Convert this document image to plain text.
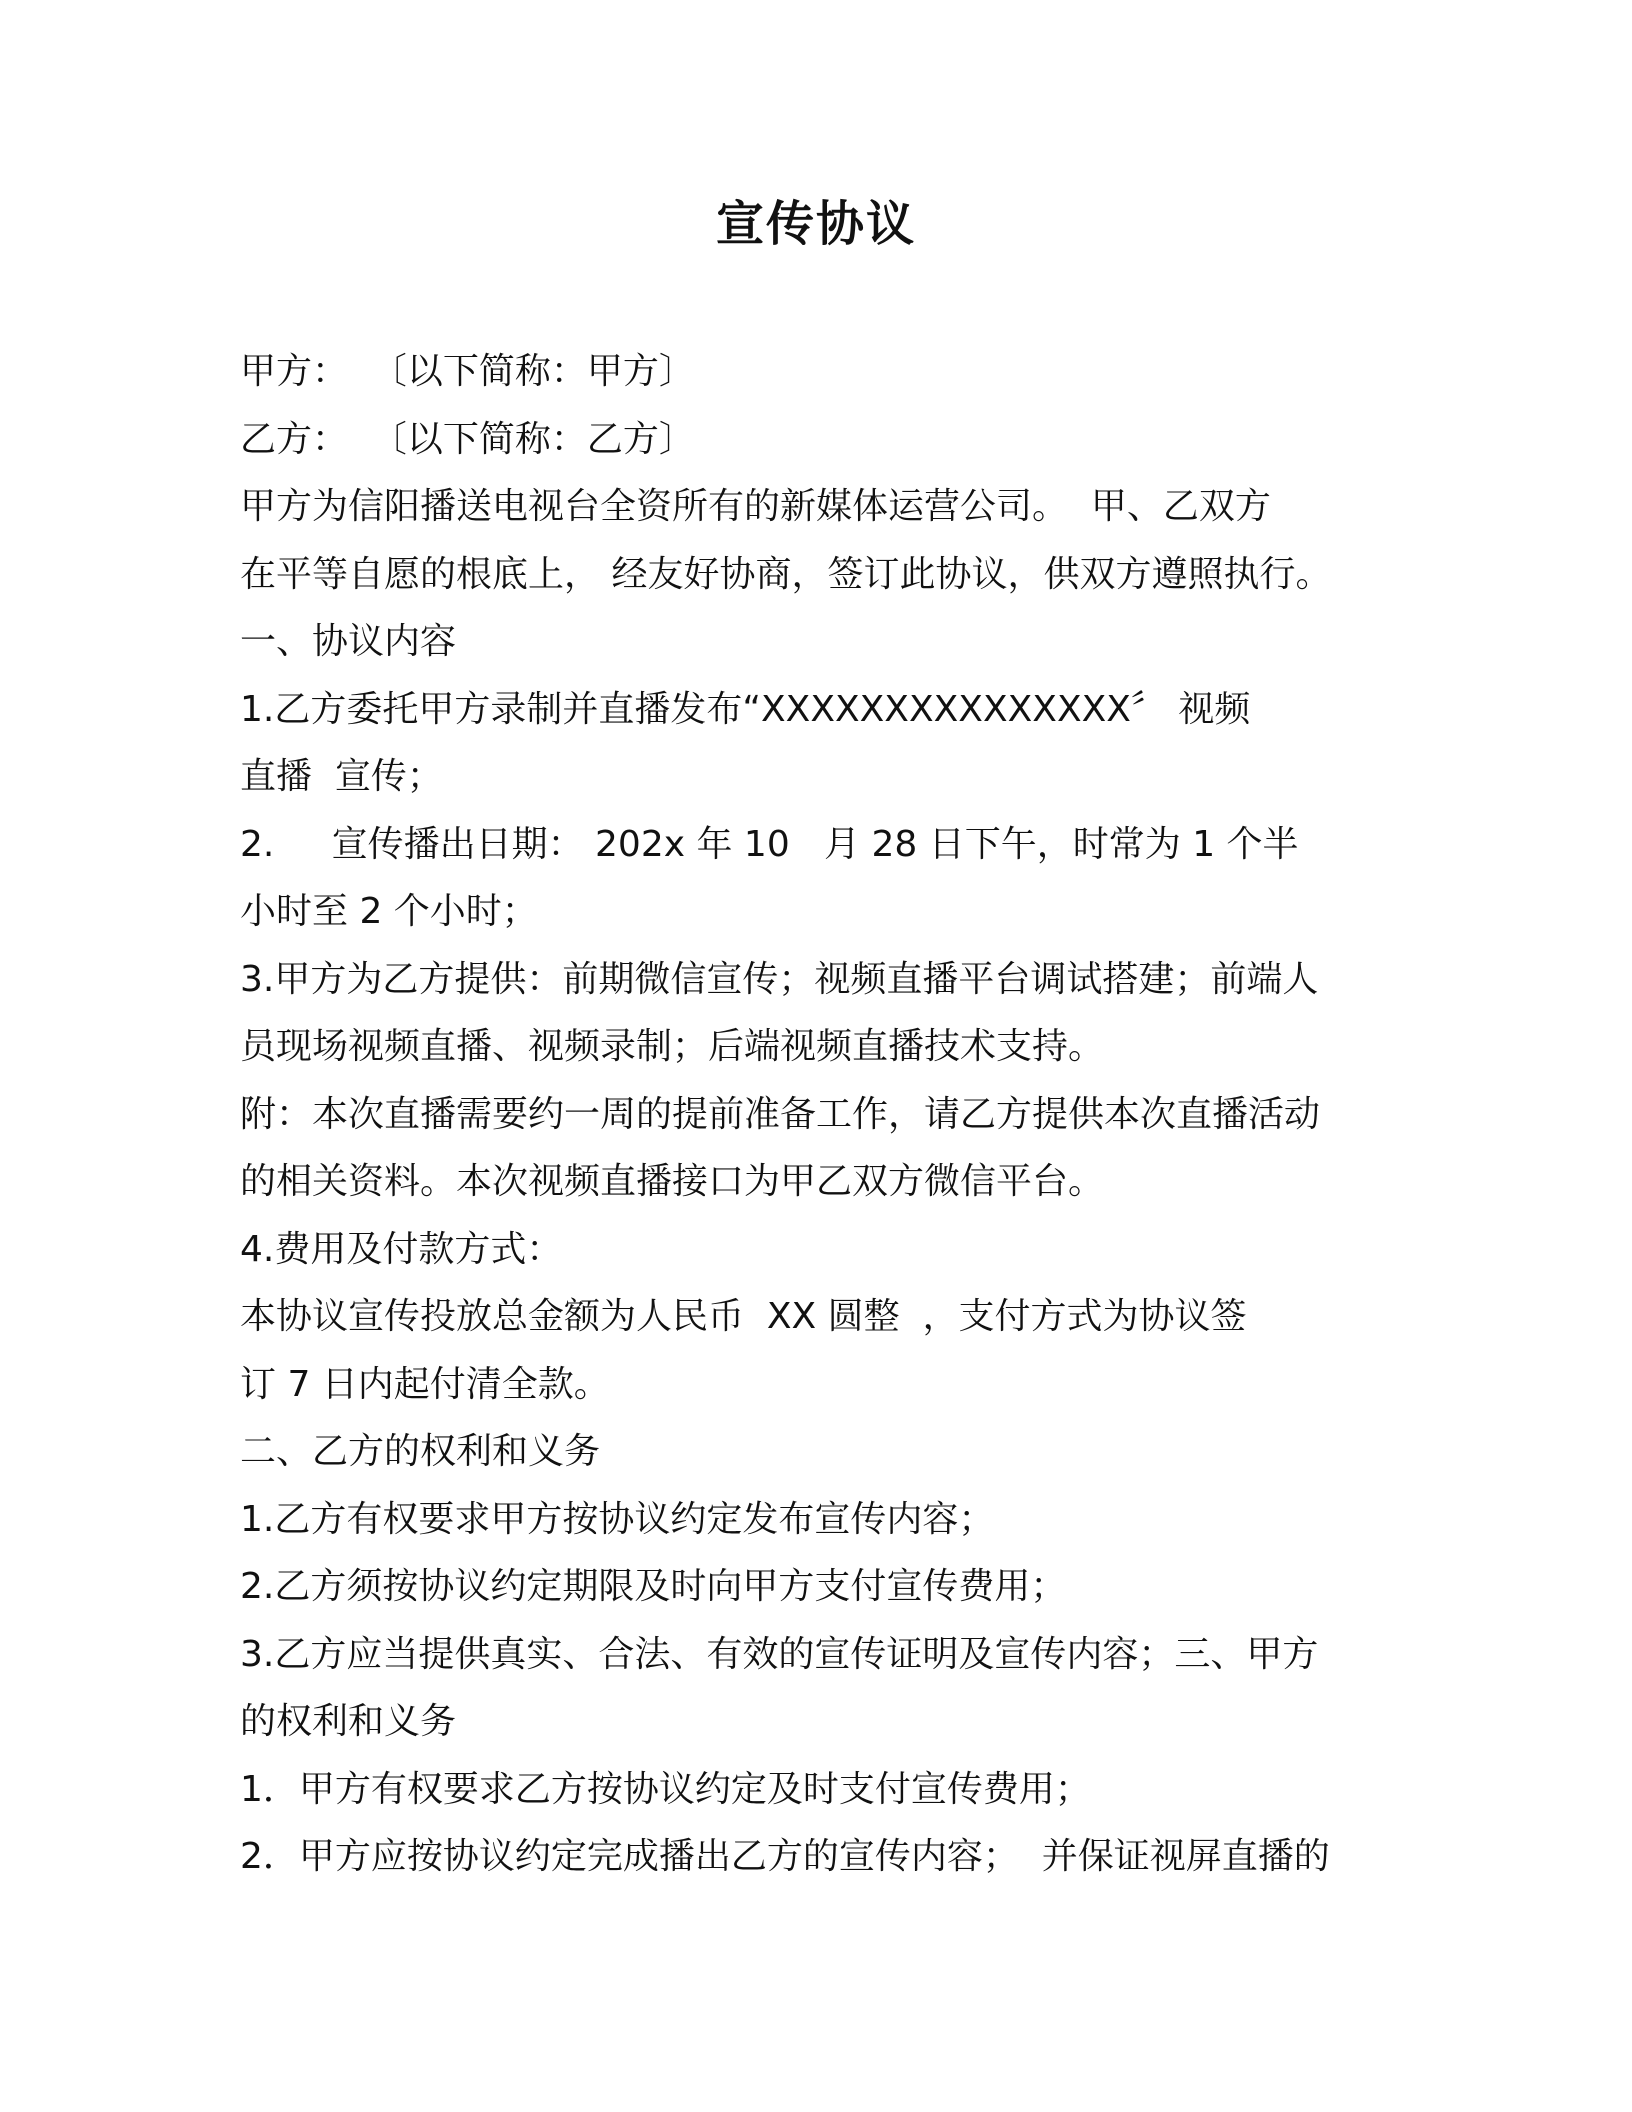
宣传协议
甲方：  〔以下简称：甲方〕
乙方：  〔以下简称：乙方〕
甲方为信阳播送电视台全资所有的新媒体运营公司。  甲、乙双方
在平等自愿的根底上， 经友好协商，签订此协议，供双方遵照执行。
一、协议内容
1.乙方委托甲方录制并直播发布“XXXXXXXXXXXXXXX〞 视频
直播  宣传；
2.     宣传播出日期： 202x 年 10   月 28 日下午，时常为 1 个半
小时至 2 个小时；
3.甲方为乙方提供：前期微信宣传；视频直播平台调试搭建；前端人
员现场视频直播、视频录制；后端视频直播技术支持。
附：本次直播需要约一周的提前准备工作，请乙方提供本次直播活动
的相关资料。本次视频直播接口为甲乙双方微信平台。
4.费用及付款方式：
本协议宣传投放总金额为人民币  XX 圆整  ，支付方式为协议签
订 7 日内起付清全款。
二、乙方的权利和义务
1.乙方有权要求甲方按协议约定发布宣传内容；
2.乙方须按协议约定期限及时向甲方支付宣传费用；
3.乙方应当提供真实、合法、有效的宣传证明及宣传内容；三、甲方
的权利和义务
1．甲方有权要求乙方按协议约定及时支付宣传费用；
2．甲方应按协议约定完成播出乙方的宣传内容；  并保证视屏直播的
